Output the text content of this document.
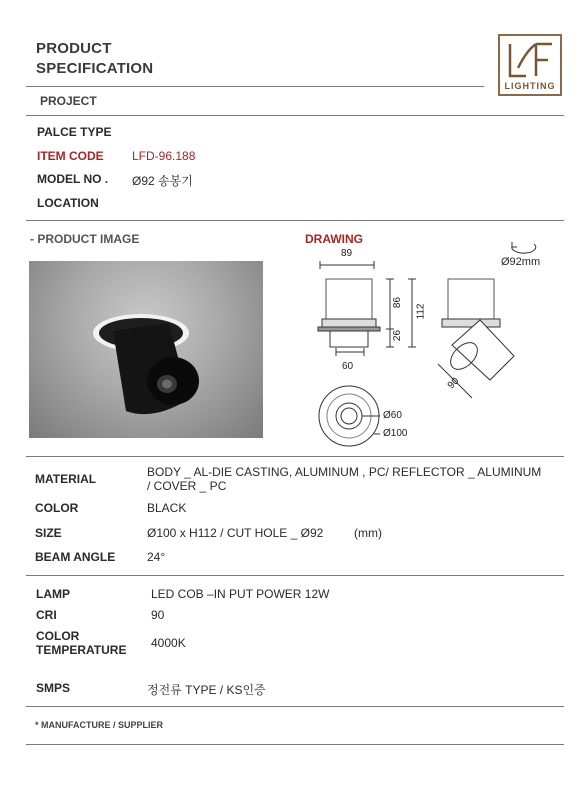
PRODUCT
SPECIFICATION
LIGHTING
PROJECT
PALCE TYPE
ITEM CODE LFD-96.188
MODEL NO . Ø92 송봉기
LOCATION
- PRODUCT IMAGE	DRAWING
89
Ø92mm
86
112
26
60
90
Ø60
Ø100
MATERIAL	BODY _ AL-DIE CASTING, ALUMINUM , PC/ REFLECTOR _ ALUMINUM
/ COVER _ PC
COLOR	BLACK
SIZE	Ø100 x H112 / CUT HOLE _ Ø92	(mm)
BEAM ANGLE	24°
LAMP	LED COB –IN PUT POWER 12W
CRI	90
COLOR
TEMPERATURE 4000K
SMPS	정전류 TYPE / KS인증
* MANUFACTURE / SUPPLIER
